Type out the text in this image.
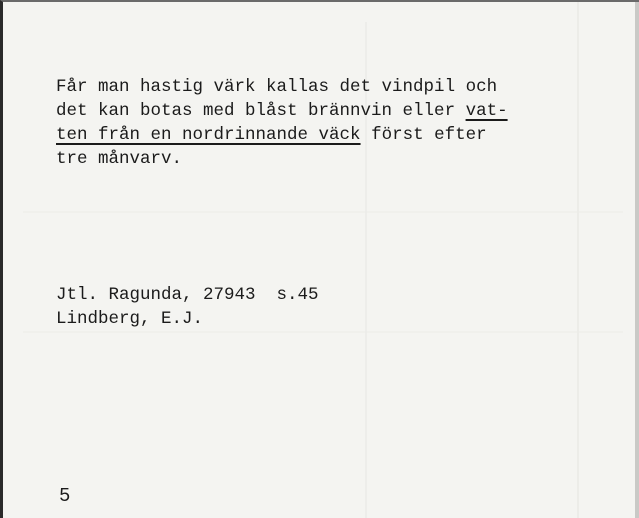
Får man hastig värk kallas det vindpil och
det kan botas med blåst brännvin eller vat-
ten från en nordrinnande väck först efter
tre månvarv.
Jtl. Ragunda, 27943  s.45
Lindberg, E.J.
5
